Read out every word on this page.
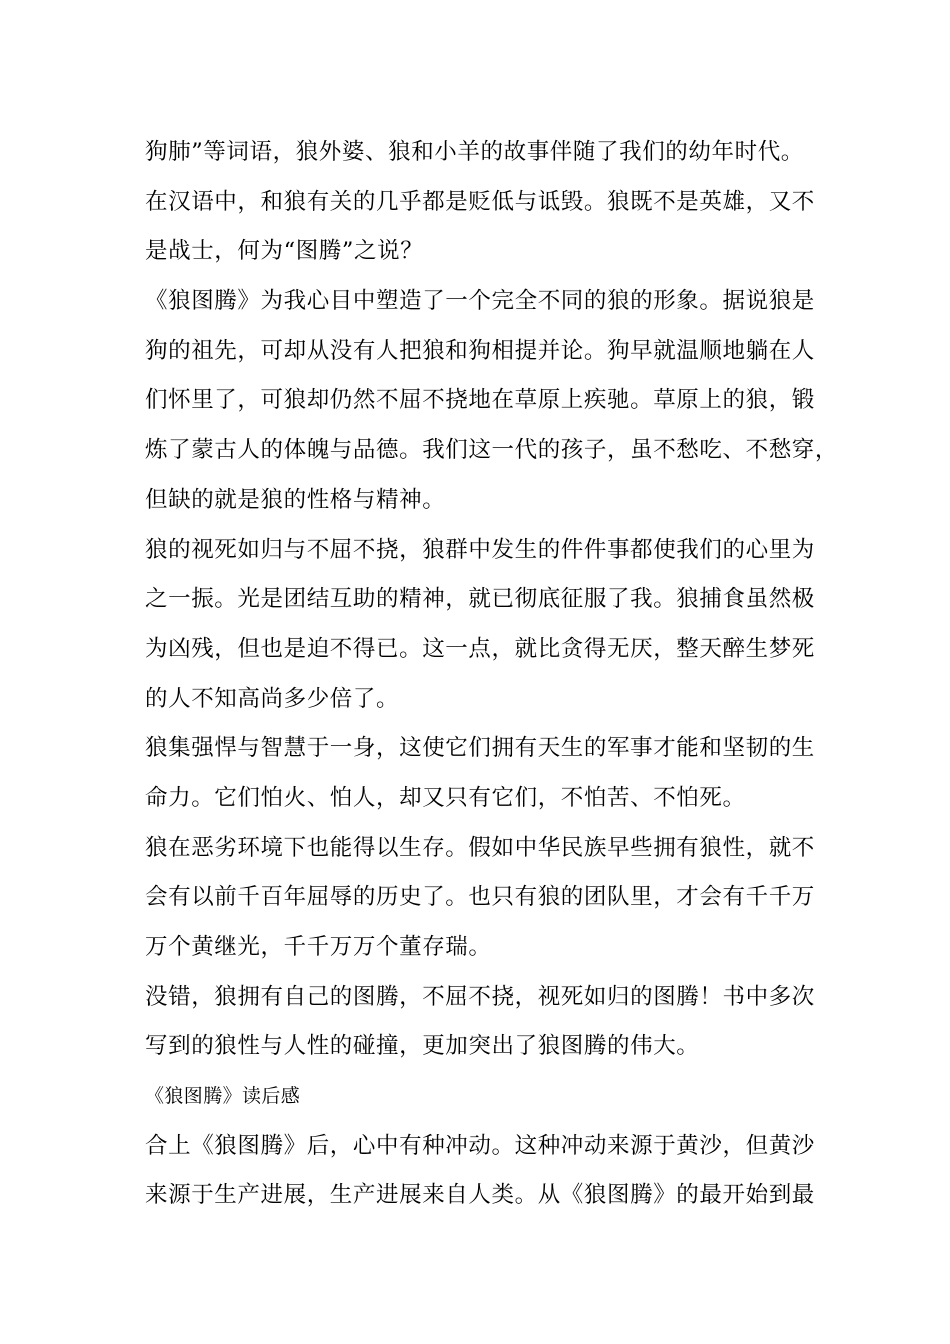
狗肺”等词语，狼外婆、狼和小羊的故事伴随了我们的幼年时代。
在汉语中，和狼有关的几乎都是贬低与诋毁。狼既不是英雄，又不
是战士，何为“图腾”之说？
《狼图腾》为我心目中塑造了一个完全不同的狼的形象。据说狼是
狗的祖先，可却从没有人把狼和狗相提并论。狗早就温顺地躺在人
们怀里了，可狼却仍然不屈不挠地在草原上疾驰。草原上的狼，锻
炼了蒙古人的体魄与品德。我们这一代的孩子，虽不愁吃、不愁穿，
但缺的就是狼的性格与精神。
狼的视死如归与不屈不挠，狼群中发生的件件事都使我们的心里为
之一振。光是团结互助的精神，就已彻底征服了我。狼捕食虽然极
为凶残，但也是迫不得已。这一点，就比贪得无厌，整天醉生梦死
的人不知高尚多少倍了。
狼集强悍与智慧于一身，这使它们拥有天生的军事才能和坚韧的生
命力。它们怕火、怕人，却又只有它们，不怕苦、不怕死。
狼在恶劣环境下也能得以生存。假如中华民族早些拥有狼性，就不
会有以前千百年屈辱的历史了。也只有狼的团队里，才会有千千万
万个黄继光，千千万万个董存瑞。
没错，狼拥有自己的图腾，不屈不挠，视死如归的图腾！书中多次
写到的狼性与人性的碰撞，更加突出了狼图腾的伟大。
《狼图腾》读后感
合上《狼图腾》后，心中有种冲动。这种冲动来源于黄沙，但黄沙
来源于生产进展，生产进展来自人类。从《狼图腾》的最开始到最
